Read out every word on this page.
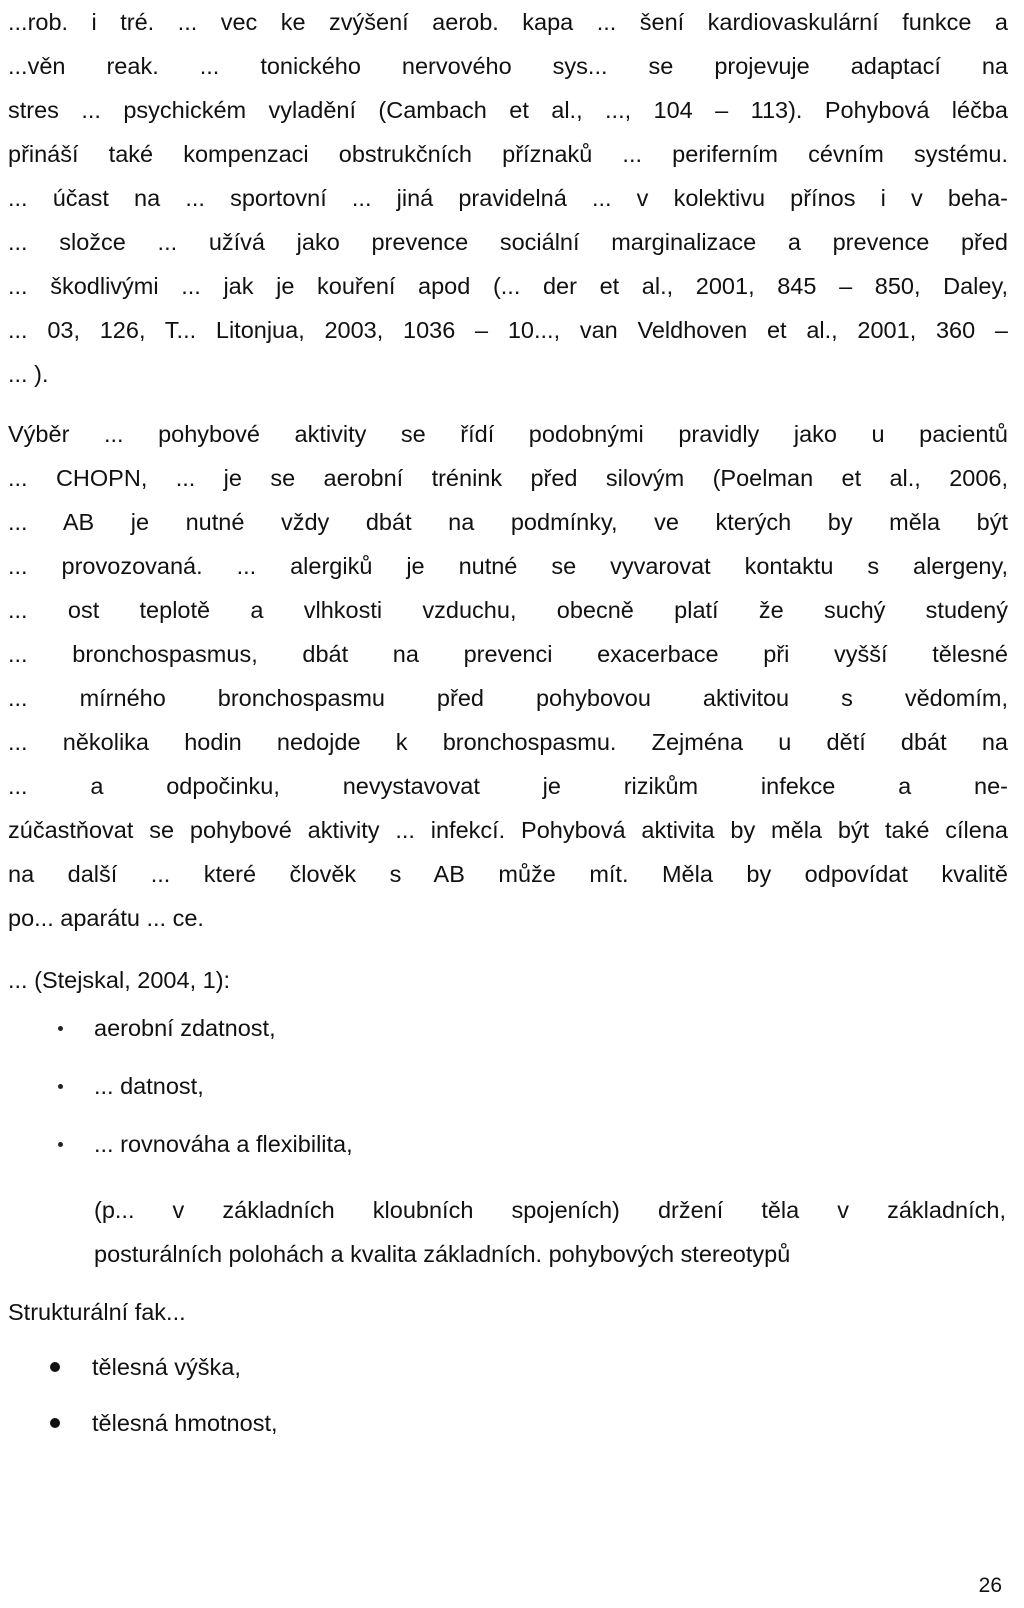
...rob. i tré. ... vec ke zvýšení aerob. kapa ... šení kardiovaskulární funkce a
...věn reak. ... tonického nervového sys... se projevuje adaptací na
stres ... psychickém vyladění (Cambach et al., ..., 104 – 113). Pohybová léčba
přináší také kompenzaci obstrukčních příznaků ... periferním cévním systému.
... účast na ... sportovní ... jiná pravidelná ... v kolektivu přínos i v beha-
... složce ... užívá jako prevence sociální marginalizace a prevence před
... škodlivými ... jak je kouření apod (... der et al., 2001, 845 – 850, Daley,
... 03, 126, T... Litonjua, 2003, 1036 – 10..., van Veldhoven et al., 2001, 360 –
... ).
Výběr ... pohybové aktivity se řídí podobnými pravidly jako u pacientů
... CHOPN, ... je se aerobní trénink před silovým (Poelman et al., 2006,
... AB je nutné vždy dbát na podmínky, ve kterých by měla být
... provozovaná. ... alergiků je nutné se vyvarovat kontaktu s alergeny,
... ost teplotě a vlhkosti vzduchu, obecně platí že suchý studený
... bronchospasmus, dbát na prevenci exacerbace při vyšší tělesné
... mírného bronchospasmu před pohybovou aktivitou s vědomím,
... několika hodin nedojde k bronchospasmu. Zejména u dětí dbát na
... a odpočinku, nevystavovat je rizikům infekce a ne-
zúčastňovat se pohybové aktivity ... infekcí. Pohybová aktivita by měla být také cílena
na další ... které člověk s AB může mít. Měla by odpovídat kvalitě
po... aparátu ... ce.
... (Stejskal, 2004, 1):
aerobní zdatnost,
... datnost,
... rovnováha a flexibilita,
(p... v základních kloubních spojeních) držení těla v základních,
posturálních polohách a kvalita základních. pohybových stereotypů
Strukturální fak...
tělesná výška,
tělesná hmotnost,
26
